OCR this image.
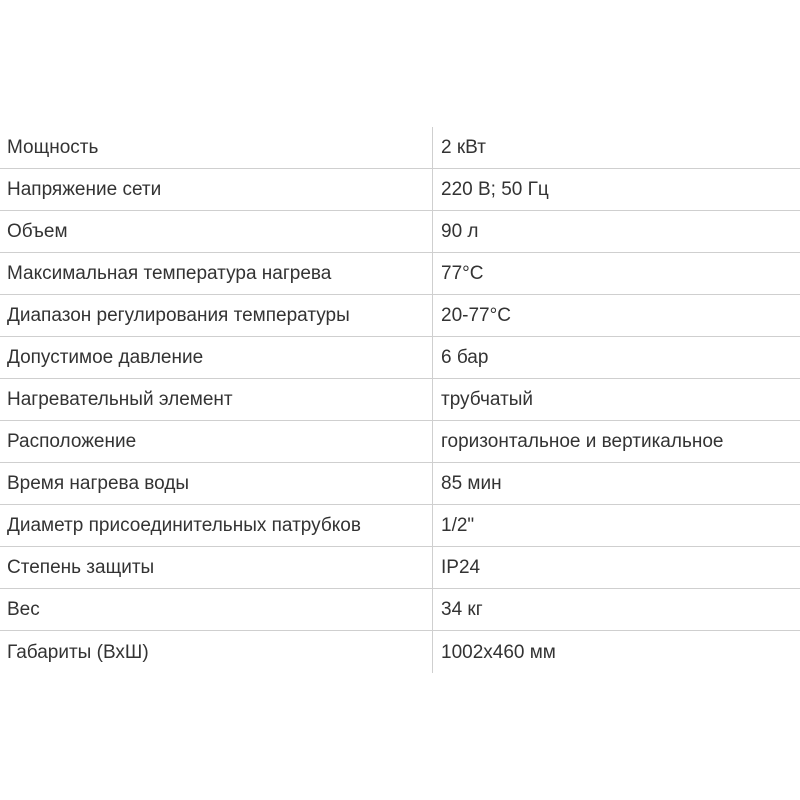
Мощность	2 кВт
Напряжение сети	220 В; 50 Гц
Объем	90 л
Максимальная температура нагрева	77°C
Диапазон регулирования температуры	20-77°C
Допустимое давление	6 бар
Нагревательный элемент	трубчатый
Расположение	горизонтальное и вертикальное
Время нагрева воды	85 мин
Диаметр присоединительных патрубков	1/2"
Степень защиты	IP24
Вес	34 кг
Габариты (ВхШ)	1002х460 мм
